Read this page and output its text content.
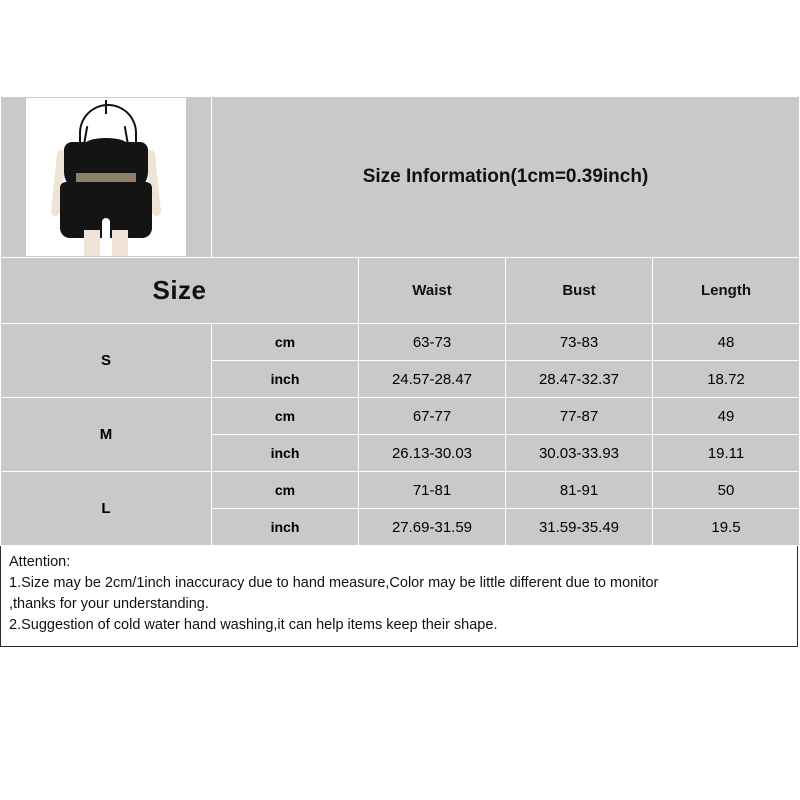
	Size Information(1cm=0.39inch)			
Size		Waist	Bust	Length
S	cm	63-73	73-83	48
	inch	24.57-28.47	28.47-32.37	18.72
M	cm	67-77	77-87	49
	inch	26.13-30.03	30.03-33.93	19.11
L	cm	71-81	81-91	50
	inch	27.69-31.59	31.59-35.49	19.5
Attention:
1.Size may be 2cm/1inch inaccuracy due to hand measure,Color may be little different due to monitor
,thanks for your understanding.
2.Suggestion of cold water hand washing,it can help items keep their shape.
